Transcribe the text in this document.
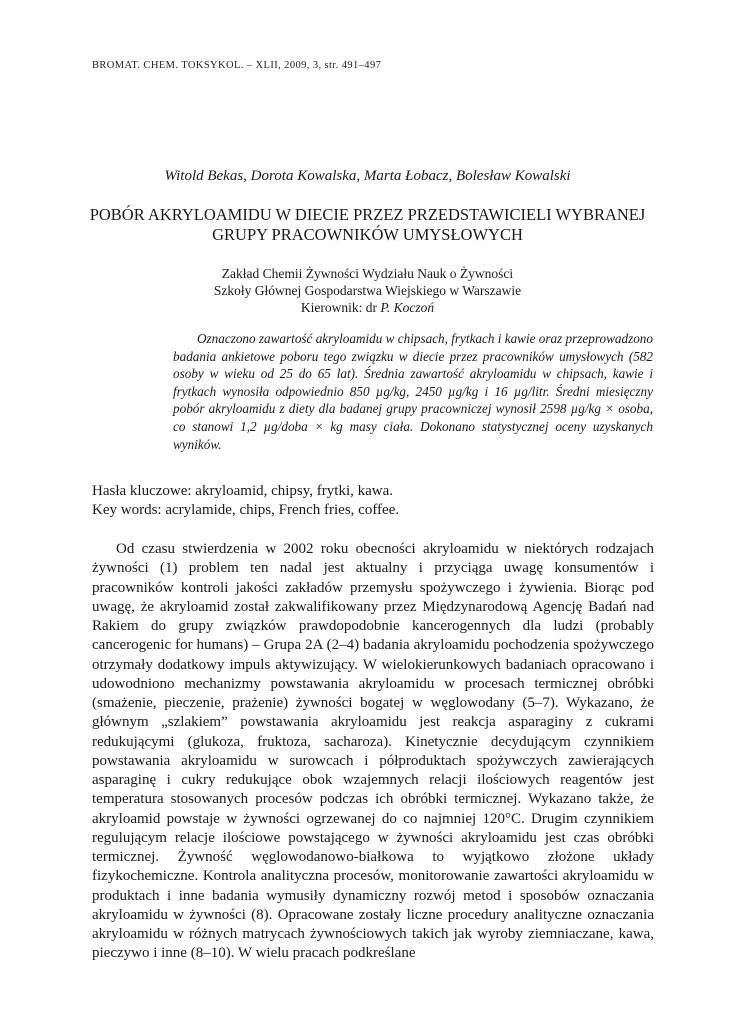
BROMAT. CHEM. TOKSYKOL. – XLII, 2009, 3, str. 491–497
Witold Bekas, Dorota Kowalska, Marta Łobacz, Bolesław Kowalski
POBÓR AKRYLOAMIDU W DIECIE PRZEZ PRZEDSTAWICIELI WYBRANEJ GRUPY PRACOWNIKÓW UMYSŁOWYCH
Zakład Chemii Żywności Wydziału Nauk o Żywności
Szkoły Głównej Gospodarstwa Wiejskiego w Warszawie
Kierownik: dr P. Koczoń
Oznaczono zawartość akryloamidu w chipsach, frytkach i kawie oraz przeprowadzono badania ankietowe poboru tego związku w diecie przez pracowników umysłowych (582 osoby w wieku od 25 do 65 lat). Średnia zawartość akryloamidu w chipsach, kawie i frytkach wynosiła odpowiednio 850 µg/kg, 2450 µg/kg i 16 µg/litr. Średni miesięczny pobór akryloamidu z diety dla badanej grupy pracowniczej wynosił 2598 µg/kg × osoba, co stanowi 1,2 µg/doba × kg masy ciała. Dokonano statystycznej oceny uzyskanych wyników.
Hasła kluczowe: akryloamid, chipsy, frytki, kawa.
Key words: acrylamide, chips, French fries, coffee.
Od czasu stwierdzenia w 2002 roku obecności akryloamidu w niektórych rodzajach żywności (1) problem ten nadal jest aktualny i przyciąga uwagę konsumentów i pracowników kontroli jakości zakładów przemysłu spożywczego i żywienia. Biorąc pod uwagę, że akryloamid został zakwalifikowany przez Międzynarodową Agencję Badań nad Rakiem do grupy związków prawdopodobnie kancerogennych dla ludzi (probably cancerogenic for humans) – Grupa 2A (2–4) badania akryloamidu pochodzenia spożywczego otrzymały dodatkowy impuls aktywizujący. W wielokierunkowych badaniach opracowano i udowodniono mechanizmy powstawania akryloamidu w procesach termicznej obróbki (smażenie, pieczenie, prażenie) żywności bogatej w węglowodany (5–7). Wykazano, że głównym „szlakiem” powstawania akryloamidu jest reakcja asparaginy z cukrami redukującymi (glukoza, fruktoza, sacharoza). Kinetycznie decydującym czynnikiem powstawania akryloamidu w surowcach i półproduktach spożywczych zawierających asparaginę i cukry redukujące obok wzajemnych relacji ilościowych reagentów jest temperatura stosowanych procesów podczas ich obróbki termicznej. Wykazano także, że akryloamid powstaje w żywności ogrzewanej do co najmniej 120°C. Drugim czynnikiem regulującym relacje ilościowe powstającego w żywności akryloamidu jest czas obróbki termicznej. Żywność węglowodanowo-białkowa to wyjątkowo złożone układy fizykochemiczne. Kontrola analityczna procesów, monitorowanie zawartości akryloamidu w produktach i inne badania wymusiły dynamiczny rozwój metod i sposobów oznaczania akryloamidu w żywności (8). Opracowane zostały liczne procedury analityczne oznaczania akryloamidu w różnych matrycach żywnościowych takich jak wyroby ziemniaczane, kawa, pieczywo i inne (8–10). W wielu pracach podkreślane
